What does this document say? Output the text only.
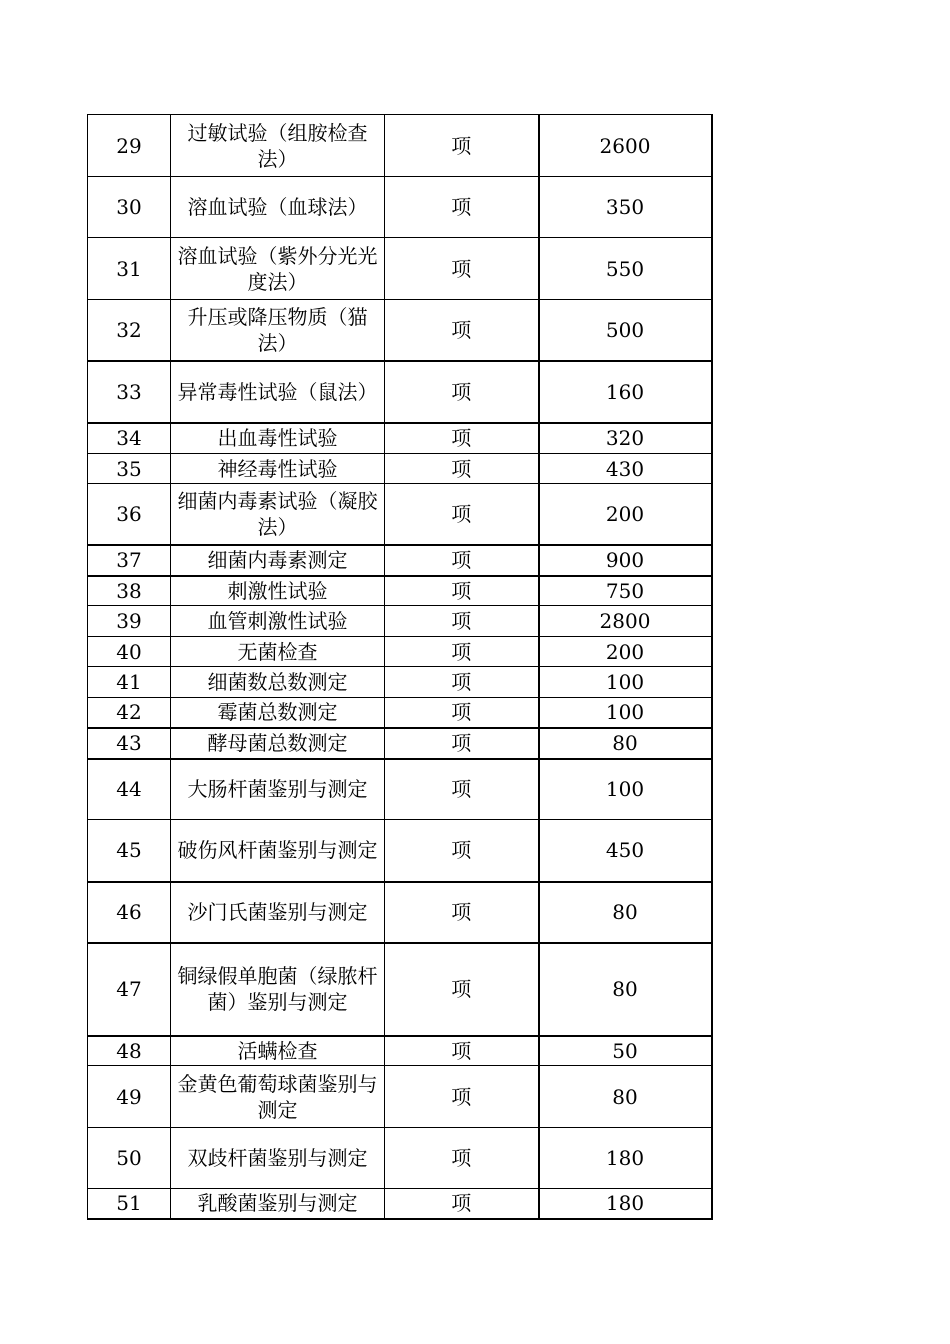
29	过敏试验（组胺检查法）	项	2600
30	溶血试验（血球法）	项	350
31	溶血试验（紫外分光光度法）	项	550
32	升压或降压物质（猫法）	项	500
33	异常毒性试验（鼠法）	项	160
34	出血毒性试验	项	320
35	神经毒性试验	项	430
36	细菌内毒素试验（凝胶法）	项	200
37	细菌内毒素测定	项	900
38	刺激性试验	项	750
39	血管刺激性试验	项	2800
40	无菌检查	项	200
41	细菌数总数测定	项	100
42	霉菌总数测定	项	100
43	酵母菌总数测定	项	80
44	大肠杆菌鉴别与测定	项	100
45	破伤风杆菌鉴别与测定	项	450
46	沙门氏菌鉴别与测定	项	80
47	铜绿假单胞菌（绿脓杆菌）鉴别与测定	项	80
48	活螨检查	项	50
49	金黄色葡萄球菌鉴别与测定	项	80
50	双歧杆菌鉴别与测定	项	180
51	乳酸菌鉴别与测定	项	180
